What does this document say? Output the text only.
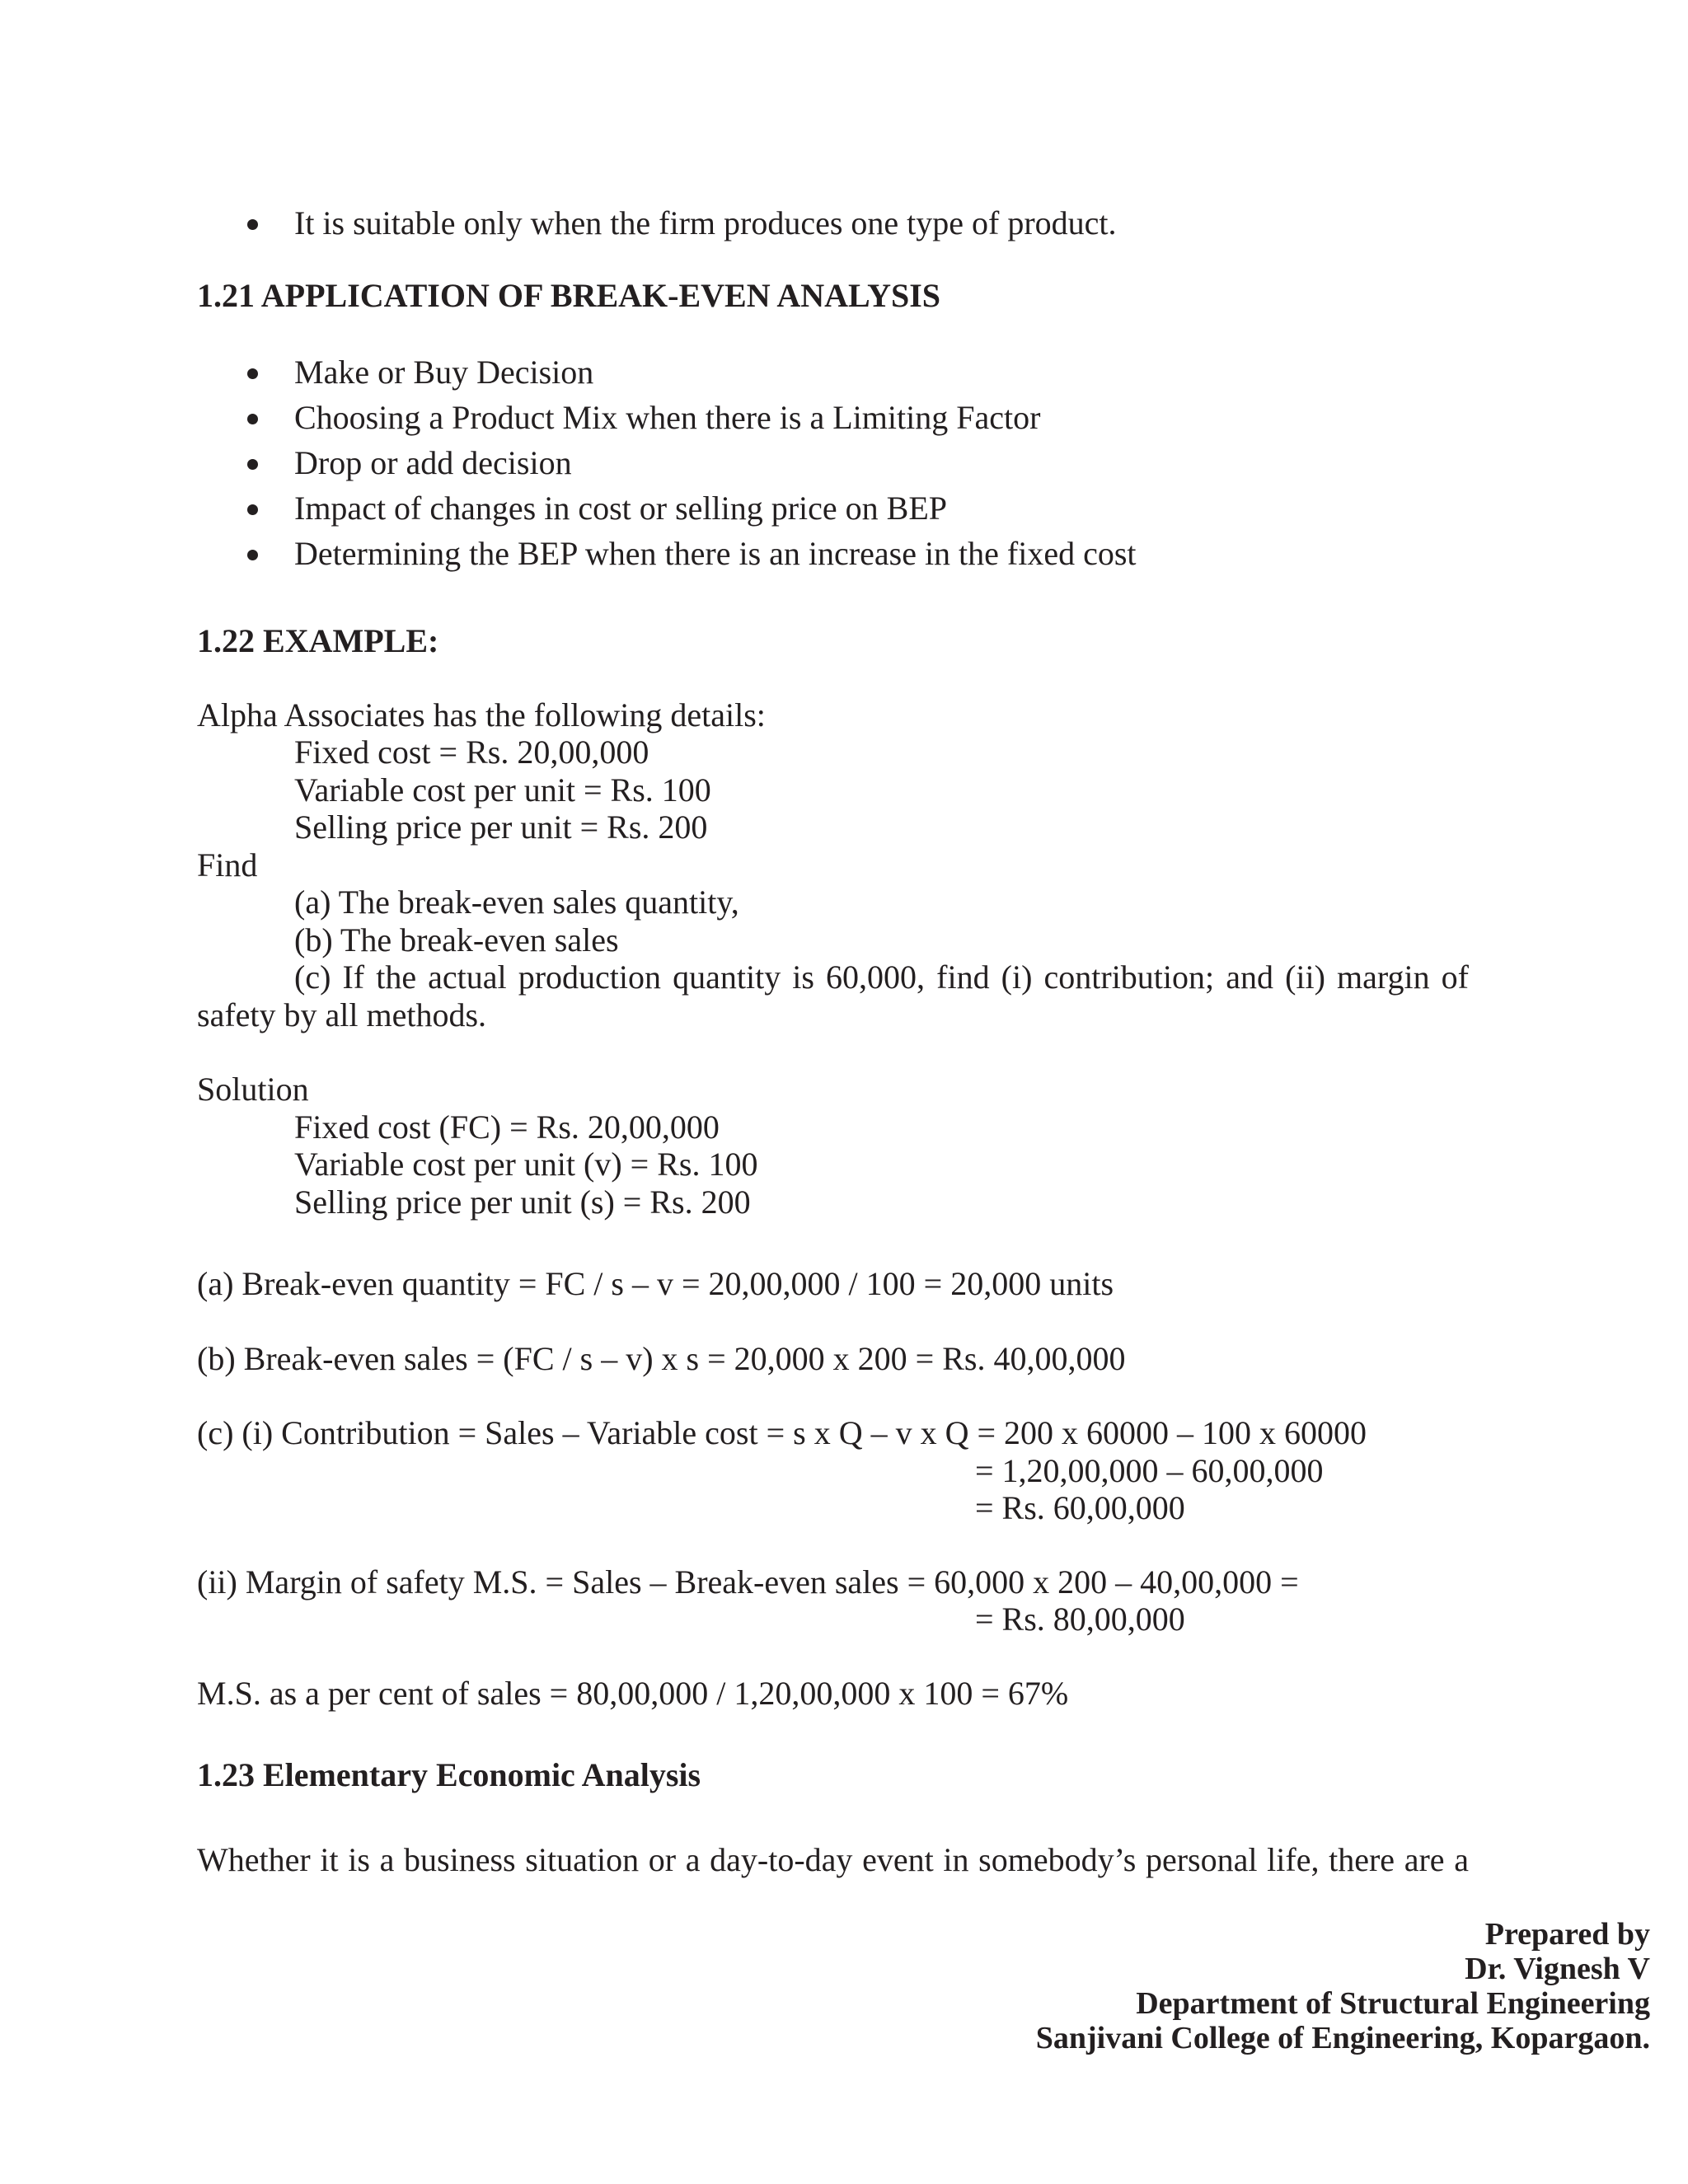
It is suitable only when the firm produces one type of product.
1.21 APPLICATION OF BREAK-EVEN ANALYSIS
Make or Buy Decision
Choosing a Product Mix when there is a Limiting Factor
Drop or add decision
Impact of changes in cost or selling price on BEP
Determining the BEP when there is an increase in the fixed cost
1.22 EXAMPLE:
Alpha Associates has the following details:
Fixed cost = Rs. 20,00,000
Variable cost per unit = Rs. 100
Selling price per unit = Rs. 200
Find
(a) The break-even sales quantity,
(b) The break-even sales
(c) If the actual production quantity is 60,000, find (i) contribution; and (ii) margin of
safety by all methods.
Solution
Fixed cost (FC) = Rs. 20,00,000
Variable cost per unit (v) = Rs. 100
Selling price per unit (s) = Rs. 200
(a) Break-even quantity = FC / s – v = 20,00,000 / 100 = 20,000 units
(b) Break-even sales = (FC / s – v) x s = 20,000 x 200 = Rs. 40,00,000
(c) (i) Contribution = Sales – Variable cost = s x Q – v x Q = 200 x 60000 – 100 x 60000
= 1,20,00,000 – 60,00,000
= Rs. 60,00,000
(ii) Margin of safety M.S. = Sales – Break-even sales = 60,000 x 200 – 40,00,000 =
= Rs. 80,00,000
M.S. as a per cent of sales = 80,00,000 / 1,20,00,000 x 100 = 67%
1.23 Elementary Economic Analysis
Whether it is a business situation or a day-to-day event in somebody’s personal life, there are a
Prepared by
Dr. Vignesh V
Department of Structural Engineering
Sanjivani College of Engineering, Kopargaon.
